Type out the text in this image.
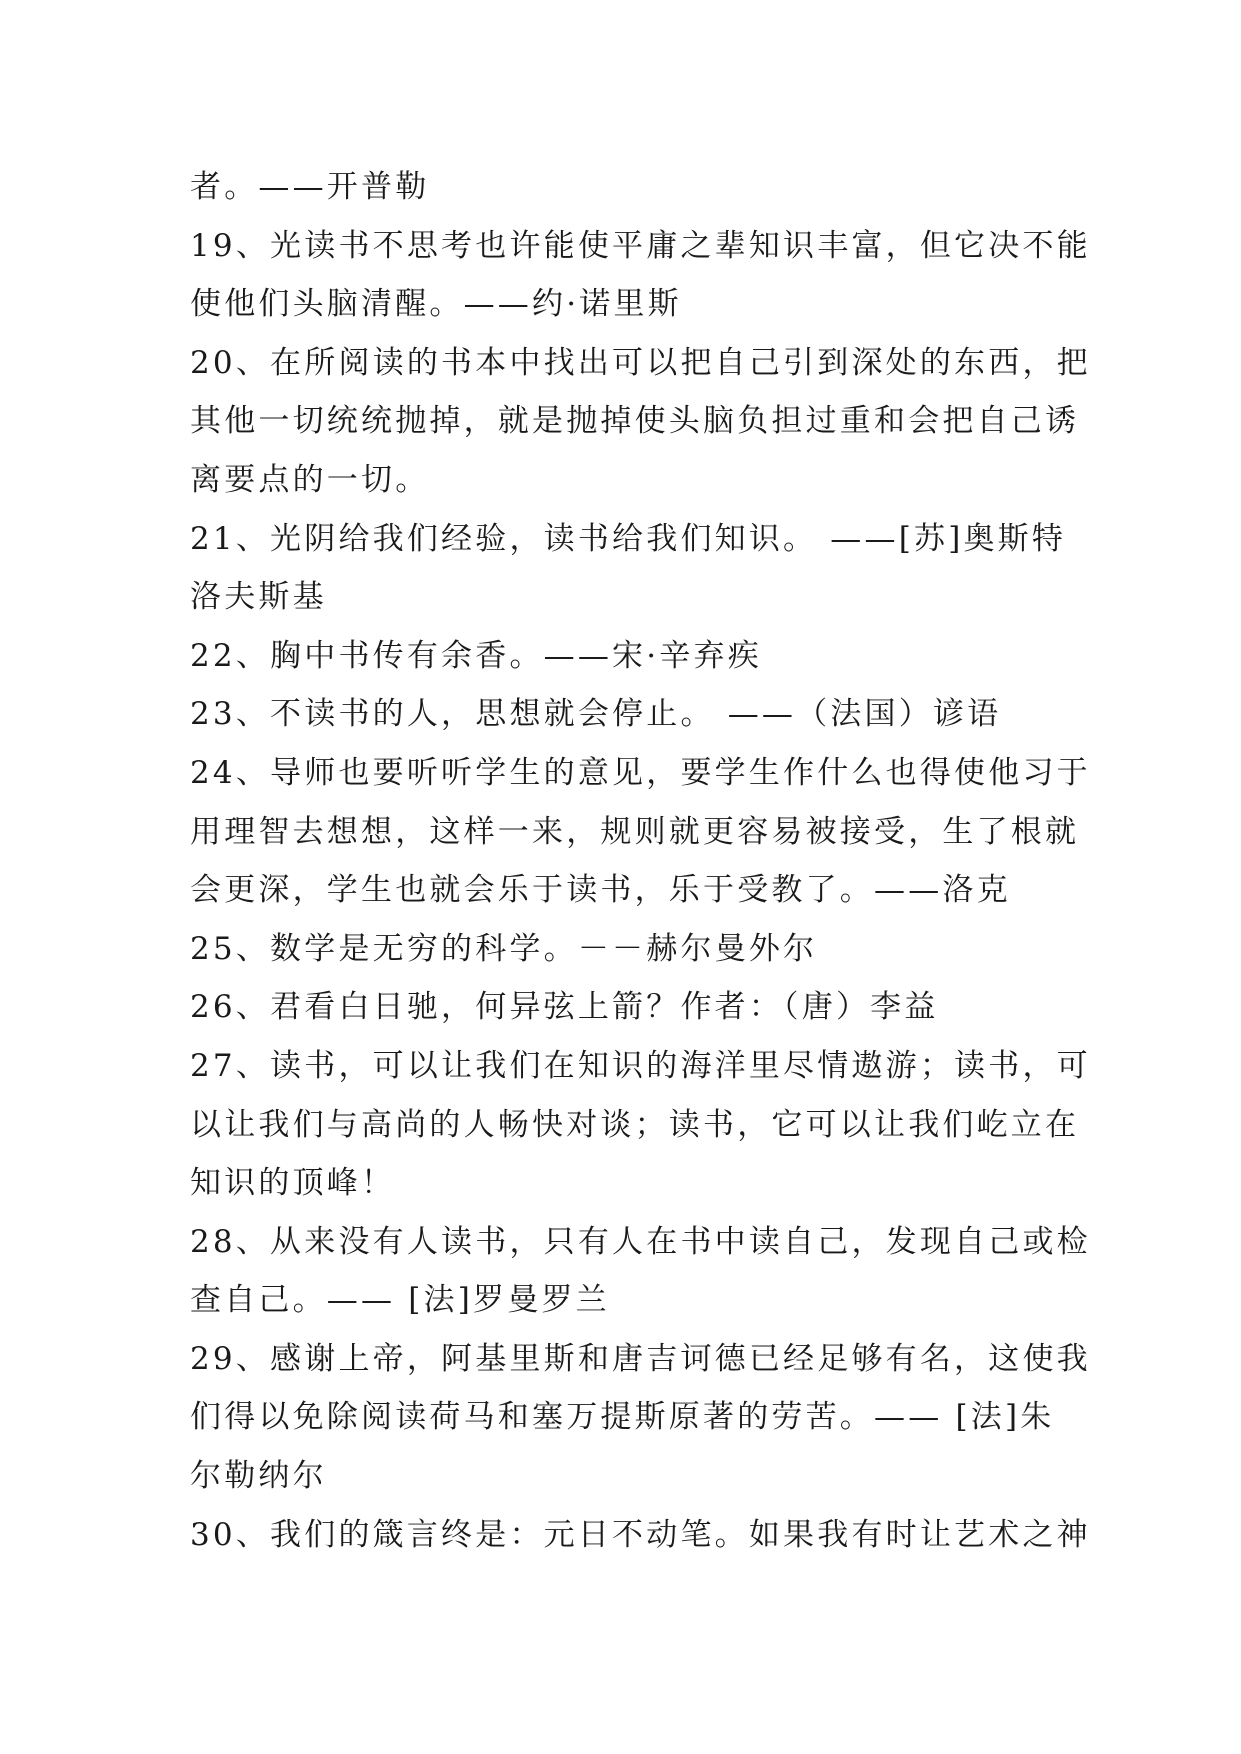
者。——开普勒
19、光读书不思考也许能使平庸之辈知识丰富，但它决不能
使他们头脑清醒。——约·诺里斯
20、在所阅读的书本中找出可以把自己引到深处的东西，把
其他一切统统抛掉，就是抛掉使头脑负担过重和会把自己诱
离要点的一切。
21、光阴给我们经验，读书给我们知识。 ——[苏]奥斯特
洛夫斯基
22、胸中书传有余香。——宋·辛弃疾
23、不读书的人，思想就会停止。 ——（法国）谚语
24、导师也要听听学生的意见，要学生作什么也得使他习于
用理智去想想，这样一来，规则就更容易被接受，生了根就
会更深，学生也就会乐于读书，乐于受教了。——洛克
25、数学是无穷的科学。－－赫尔曼外尔
26、君看白日驰，何异弦上箭？作者：（唐）李益
27、读书，可以让我们在知识的海洋里尽情遨游；读书，可
以让我们与高尚的人畅快对谈；读书，它可以让我们屹立在
知识的顶峰！
28、从来没有人读书，只有人在书中读自己，发现自己或检
查自己。—— [法]罗曼罗兰
29、感谢上帝，阿基里斯和唐吉诃德已经足够有名，这使我
们得以免除阅读荷马和塞万提斯原著的劳苦。—— [法]朱
尔勒纳尔
30、我们的箴言终是：元日不动笔。如果我有时让艺术之神
